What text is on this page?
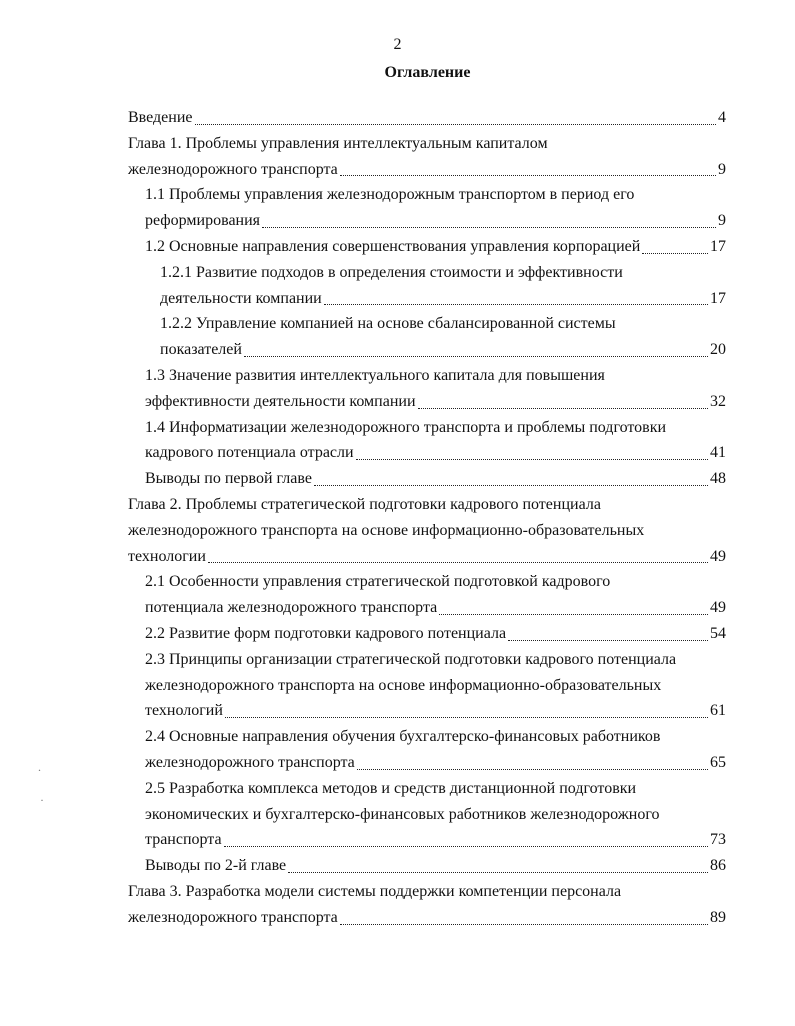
2
Оглавление
Введение	4
Глава 1. Проблемы управления интеллектуальным капиталом
железнодорожного транспорта	9
1.1 Проблемы управления железнодорожным транспортом в период его
реформирования	9
1.2 Основные направления совершенствования управления корпорацией	17
1.2.1 Развитие подходов в определения стоимости и эффективности
деятельности компании	17
1.2.2 Управление компанией на основе сбалансированной системы
показателей	20
1.3 Значение развития интеллектуального капитала для повышения
эффективности деятельности компании	32
1.4 Информатизации железнодорожного транспорта и проблемы подготовки
кадрового потенциала отрасли	41
Выводы по первой главе	48
Глава 2. Проблемы стратегической подготовки кадрового потенциала
железнодорожного транспорта на основе информационно-образовательных
технологии	49
2.1 Особенности управления стратегической подготовкой кадрового
потенциала железнодорожного транспорта	49
2.2 Развитие форм подготовки кадрового потенциала	54
2.3 Принципы организации стратегической подготовки кадрового потенциала
железнодорожного транспорта на основе информационно-образовательных
технологий	61
2.4 Основные направления обучения бухгалтерско-финансовых работников
железнодорожного транспорта	65
2.5 Разработка комплекса методов и средств дистанционной подготовки
экономических и бухгалтерско-финансовых работников железнодорожного
транспорта	73
Выводы по 2-й главе	86
Глава 3. Разработка модели системы поддержки компетенции персонала
железнодорожного транспорта	89
.
·
